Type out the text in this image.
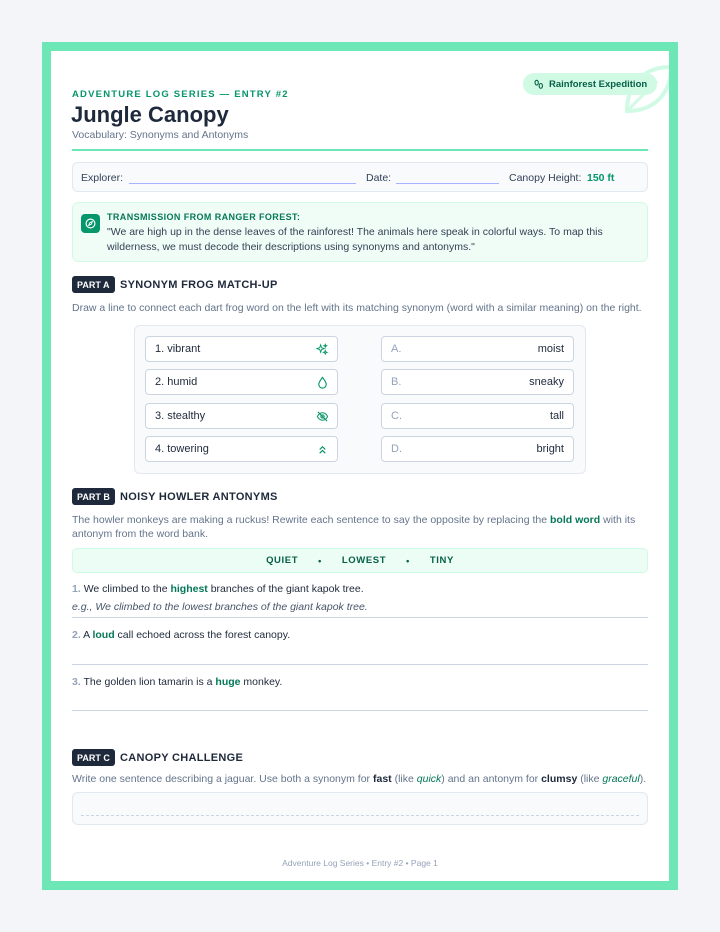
ADVENTURE LOG SERIES — ENTRY #2
Jungle Canopy
Vocabulary: Synonyms and Antonyms
Rainforest Expedition
Explorer:	Date:	Canopy Height: 150 ft
TRANSMISSION FROM RANGER FOREST:
"We are high up in the dense leaves of the rainforest! The animals here speak in colorful ways. To map this wilderness, we must decode their descriptions using synonyms and antonyms."
PART A SYNONYM FROG MATCH-UP
Draw a line to connect each dart frog word on the left with its matching synonym (word with a similar meaning) on the right.
1. vibrant
2. humid
3. stealthy
4. towering
A.	moist
B.	sneaky
C.	tall
D.	bright
PART B NOISY HOWLER ANTONYMS
The howler monkeys are making a ruckus! Rewrite each sentence to say the opposite by replacing the bold word with its
antonym from the word bank.
QUIET • LOWEST • TINY
1. We climbed to the highest branches of the giant kapok tree.
e.g., We climbed to the lowest branches of the giant kapok tree.
2. A loud call echoed across the forest canopy.
3. The golden lion tamarin is a huge monkey.
PART C CANOPY CHALLENGE
Write one sentence describing a jaguar. Use both a synonym for fast (like quick) and an antonym for clumsy (like graceful).
Adventure Log Series • Entry #2 • Page 1
